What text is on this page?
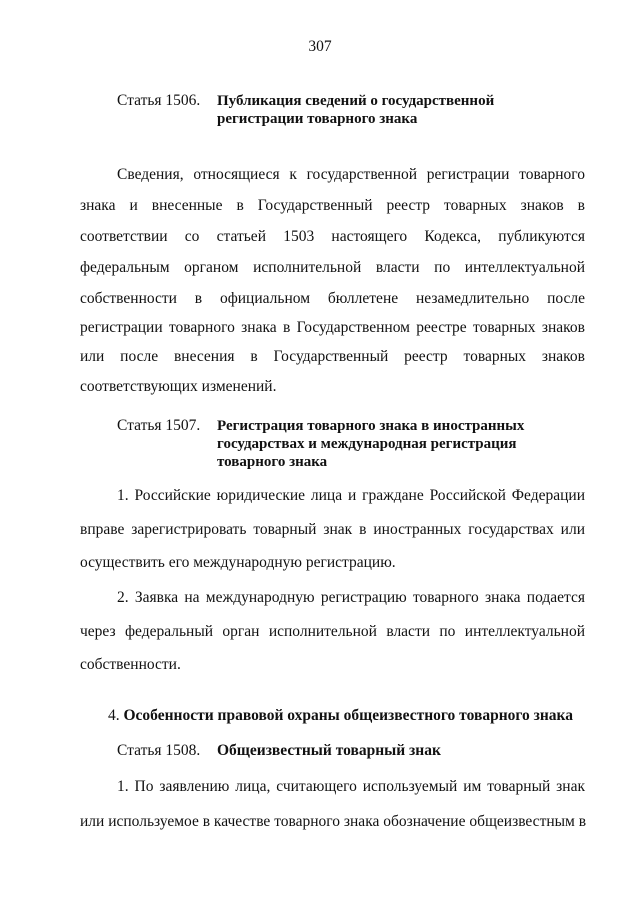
307
Статья 1506. Публикация сведений о государственной
регистрации товарного знака
Сведения, относящиеся к государственной регистрации товарного
знака и внесенные в Государственный реестр товарных знаков в
соответствии со статьей 1503 настоящего Кодекса, публикуются
федеральным органом исполнительной власти по интеллектуальной
собственности в официальном бюллетене незамедлительно после
регистрации товарного знака в Государственном реестре товарных знаков
или после внесения в Государственный реестр товарных знаков
соответствующих изменений.
Статья 1507. Регистрация товарного знака в иностранных
государствах и международная регистрация
товарного знака
1. Российские юридические лица и граждане Российской Федерации
вправе зарегистрировать товарный знак в иностранных государствах или
осуществить его международную регистрацию.
2. Заявка на международную регистрацию товарного знака подается
через федеральный орган исполнительной власти по интеллектуальной
собственности.
4. Особенности правовой охраны общеизвестного товарного знака
Статья 1508. Общеизвестный товарный знак
1. По заявлению лица, считающего используемый им товарный знак
или используемое в качестве товарного знака обозначение общеизвестным в
